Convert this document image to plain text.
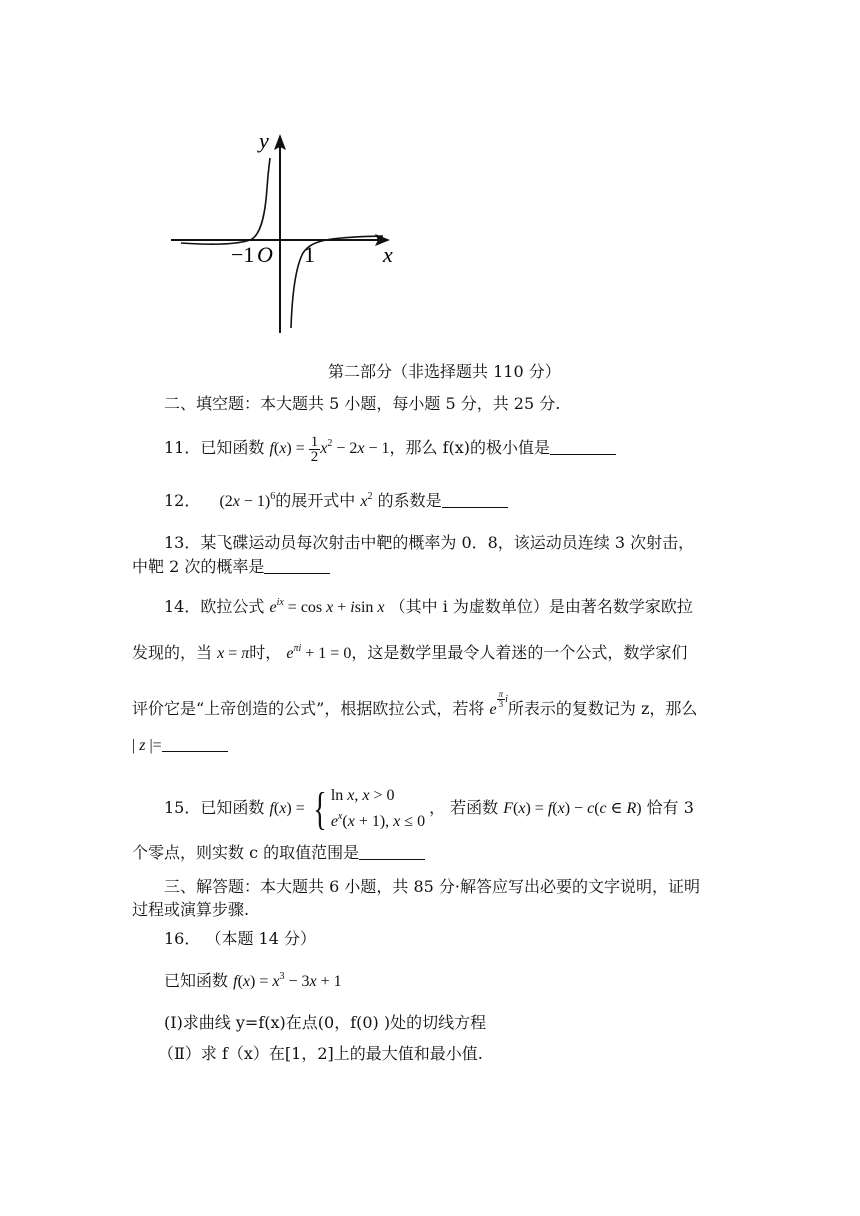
y
x
−1 O 1
第二部分（非选择题共 110 分）
二、填空题：本大题共 5 小题，每小题 5 分，共 25 分.
11．已知函数 $f(x) = \frac{1}{2} x^2 - 2x - 1$，那么 f(x)的极小值是
12． $(2x - 1)^6$的展开式中 $x^2$ 的系数是
13．某飞碟运动员每次射击中靶的概率为 0．8，该运动员连续 3 次射击，
中靶 2 次的概率是
14．欧拉公式 $e^{ix} = \cos x + isin$ x （其中 i 为虚数单位）是由著名数学家欧拉
发现的，当 x = π时， $e^{\pi i} + 1 = 0$，这是数学里最令人着迷的一个公式，数学家们
评价它是“上帝创造的公式”，根据欧拉公式，若将 e
$^{\frac{\pi}{3} i}$所表示的复数记为 z，那么
| z |=
15．已知函数 f(x) = { ln x, x > 0
$e^x(x + 1)$, x ≤ 0
， 若函数 F(x) = f(x) − c(c ∈ R) 恰有 3
个零点，则实数 c 的取值范围是
三、解答题：本大题共 6 小题，共 85 分·解答应写出必要的文字说明，证明
过程或演算步骤.
16． （本题 14 分）
已知函数 $f(x) = x^3 - 3x + 1$
(Ⅰ)求曲线 y=f(x)在点(0，f(0) )处的切线方程
（Ⅱ）求 f（x）在[1，2]上的最大值和最小值.
